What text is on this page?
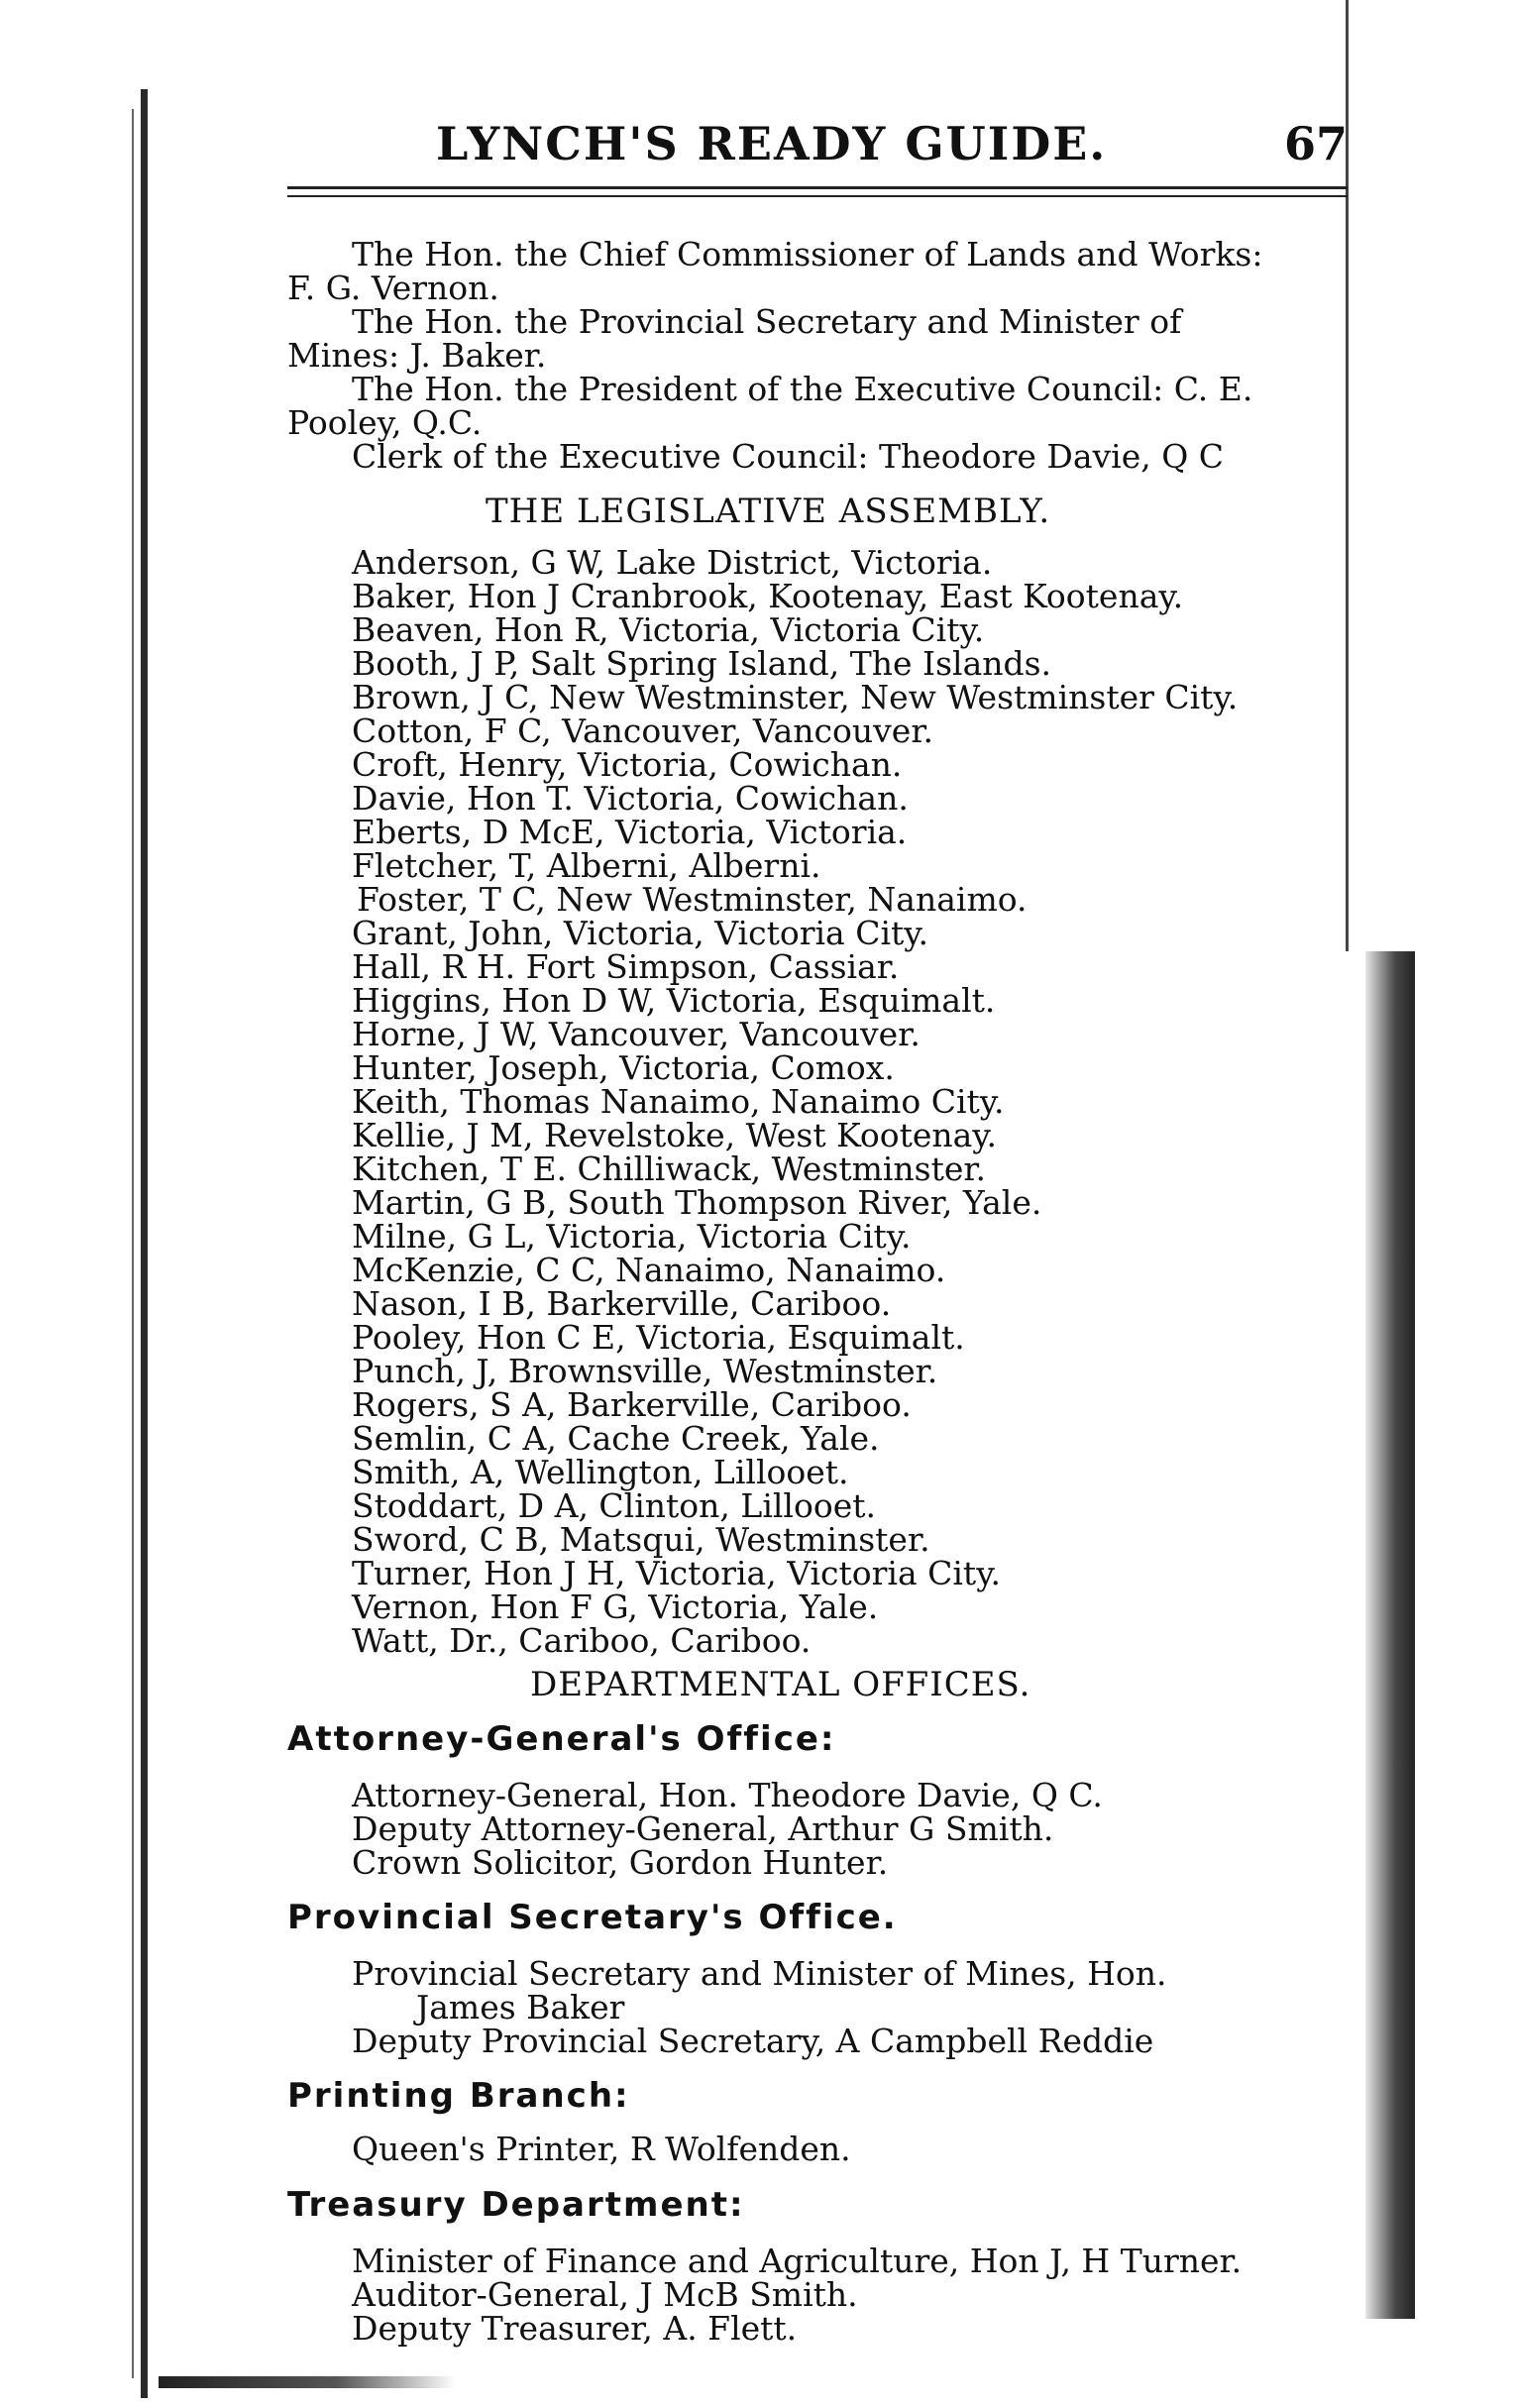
LYNCH'S READY GUIDE.	67
The Hon. the Chief Commissioner of Lands and Works:
F. G. Vernon.
The Hon. the Provincial Secretary and Minister of
Mines: J. Baker.
The Hon. the President of the Executive Council: C. E.
Pooley, Q.C.
Clerk of the Executive Council: Theodore Davie, Q C
THE LEGISLATIVE ASSEMBLY.
Anderson, G W, Lake District, Victoria.
Baker, Hon J Cranbrook, Kootenay, East Kootenay.
Beaven, Hon R, Victoria, Victoria City.
Booth, J P, Salt Spring Island, The Islands.
Brown, J C, New Westminster, New Westminster City.
Cotton, F C, Vancouver, Vancouver.
Croft, Henry, Victoria, Cowichan.
Davie, Hon T. Victoria, Cowichan.
Eberts, D McE, Victoria, Victoria.
Fletcher, T, Alberni, Alberni.
Foster, T C, New Westminster, Nanaimo.
Grant, John, Victoria, Victoria City.
Hall, R H. Fort Simpson, Cassiar.
Higgins, Hon D W, Victoria, Esquimalt.
Horne, J W, Vancouver, Vancouver.
Hunter, Joseph, Victoria, Comox.
Keith, Thomas Nanaimo, Nanaimo City.
Kellie, J M, Revelstoke, West Kootenay.
Kitchen, T E. Chilliwack, Westminster.
Martin, G B, South Thompson River, Yale.
Milne, G L, Victoria, Victoria City.
McKenzie, C C, Nanaimo, Nanaimo.
Nason, I B, Barkerville, Cariboo.
Pooley, Hon C E, Victoria, Esquimalt.
Punch, J, Brownsville, Westminster.
Rogers, S A, Barkerville, Cariboo.
Semlin, C A, Cache Creek, Yale.
Smith, A, Wellington, Lillooet.
Stoddart, D A, Clinton, Lillooet.
Sword, C B, Matsqui, Westminster.
Turner, Hon J H, Victoria, Victoria City.
Vernon, Hon F G, Victoria, Yale.
Watt, Dr., Cariboo, Cariboo.
DEPARTMENTAL OFFICES.
Attorney-General's Office:
Attorney-General, Hon. Theodore Davie, Q C.
Deputy Attorney-General, Arthur G Smith.
Crown Solicitor, Gordon Hunter.
Provincial Secretary's Office.
Provincial Secretary and Minister of Mines, Hon.
James Baker
Deputy Provincial Secretary, A Campbell Reddie
Printing Branch:
Queen's Printer, R Wolfenden.
Treasury Department:
Minister of Finance and Agriculture, Hon J, H Turner.
Auditor-General, J McB Smith.
Deputy Treasurer, A. Flett.
